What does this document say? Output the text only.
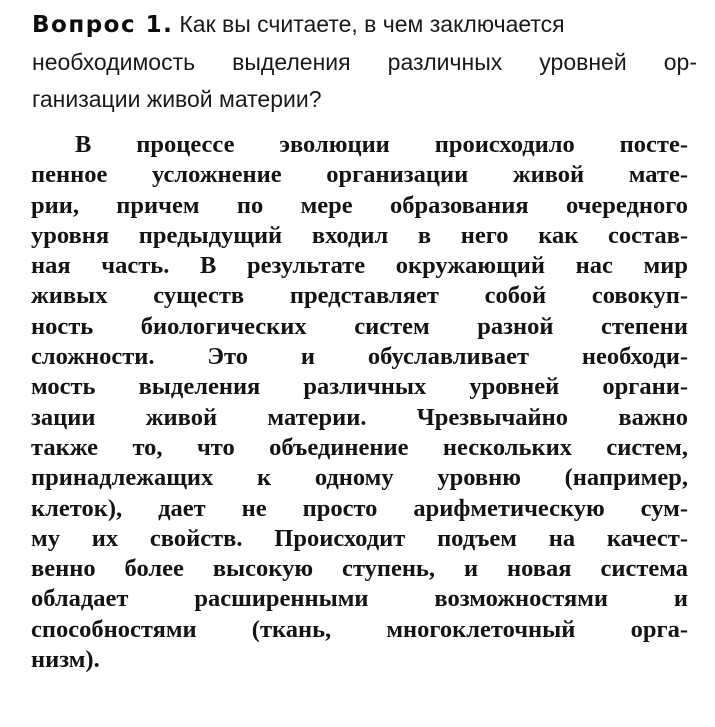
Вопрос 1. Как вы считаете, в чем заключается
необходимость выделения различных уровней ор-
ганизации живой материи?
В процессе эволюции происходило посте-
пенное усложнение организации живой мате-
рии, причем по мере образования очередного
уровня предыдущий входил в него как состав-
ная часть. В результате окружающий нас мир
живых существ представляет собой совокуп-
ность биологических систем разной степени
сложности. Это и обуславливает необходи-
мость выделения различных уровней органи-
зации живой материи. Чрезвычайно важно
также то, что объединение нескольких систем,
принадлежащих к одному уровню (например,
клеток), дает не просто арифметическую сум-
му их свойств. Происходит подъем на качест-
венно более высокую ступень, и новая система
обладает расширенными возможностями и
способностями (ткань, многоклеточный орга-
низм).
